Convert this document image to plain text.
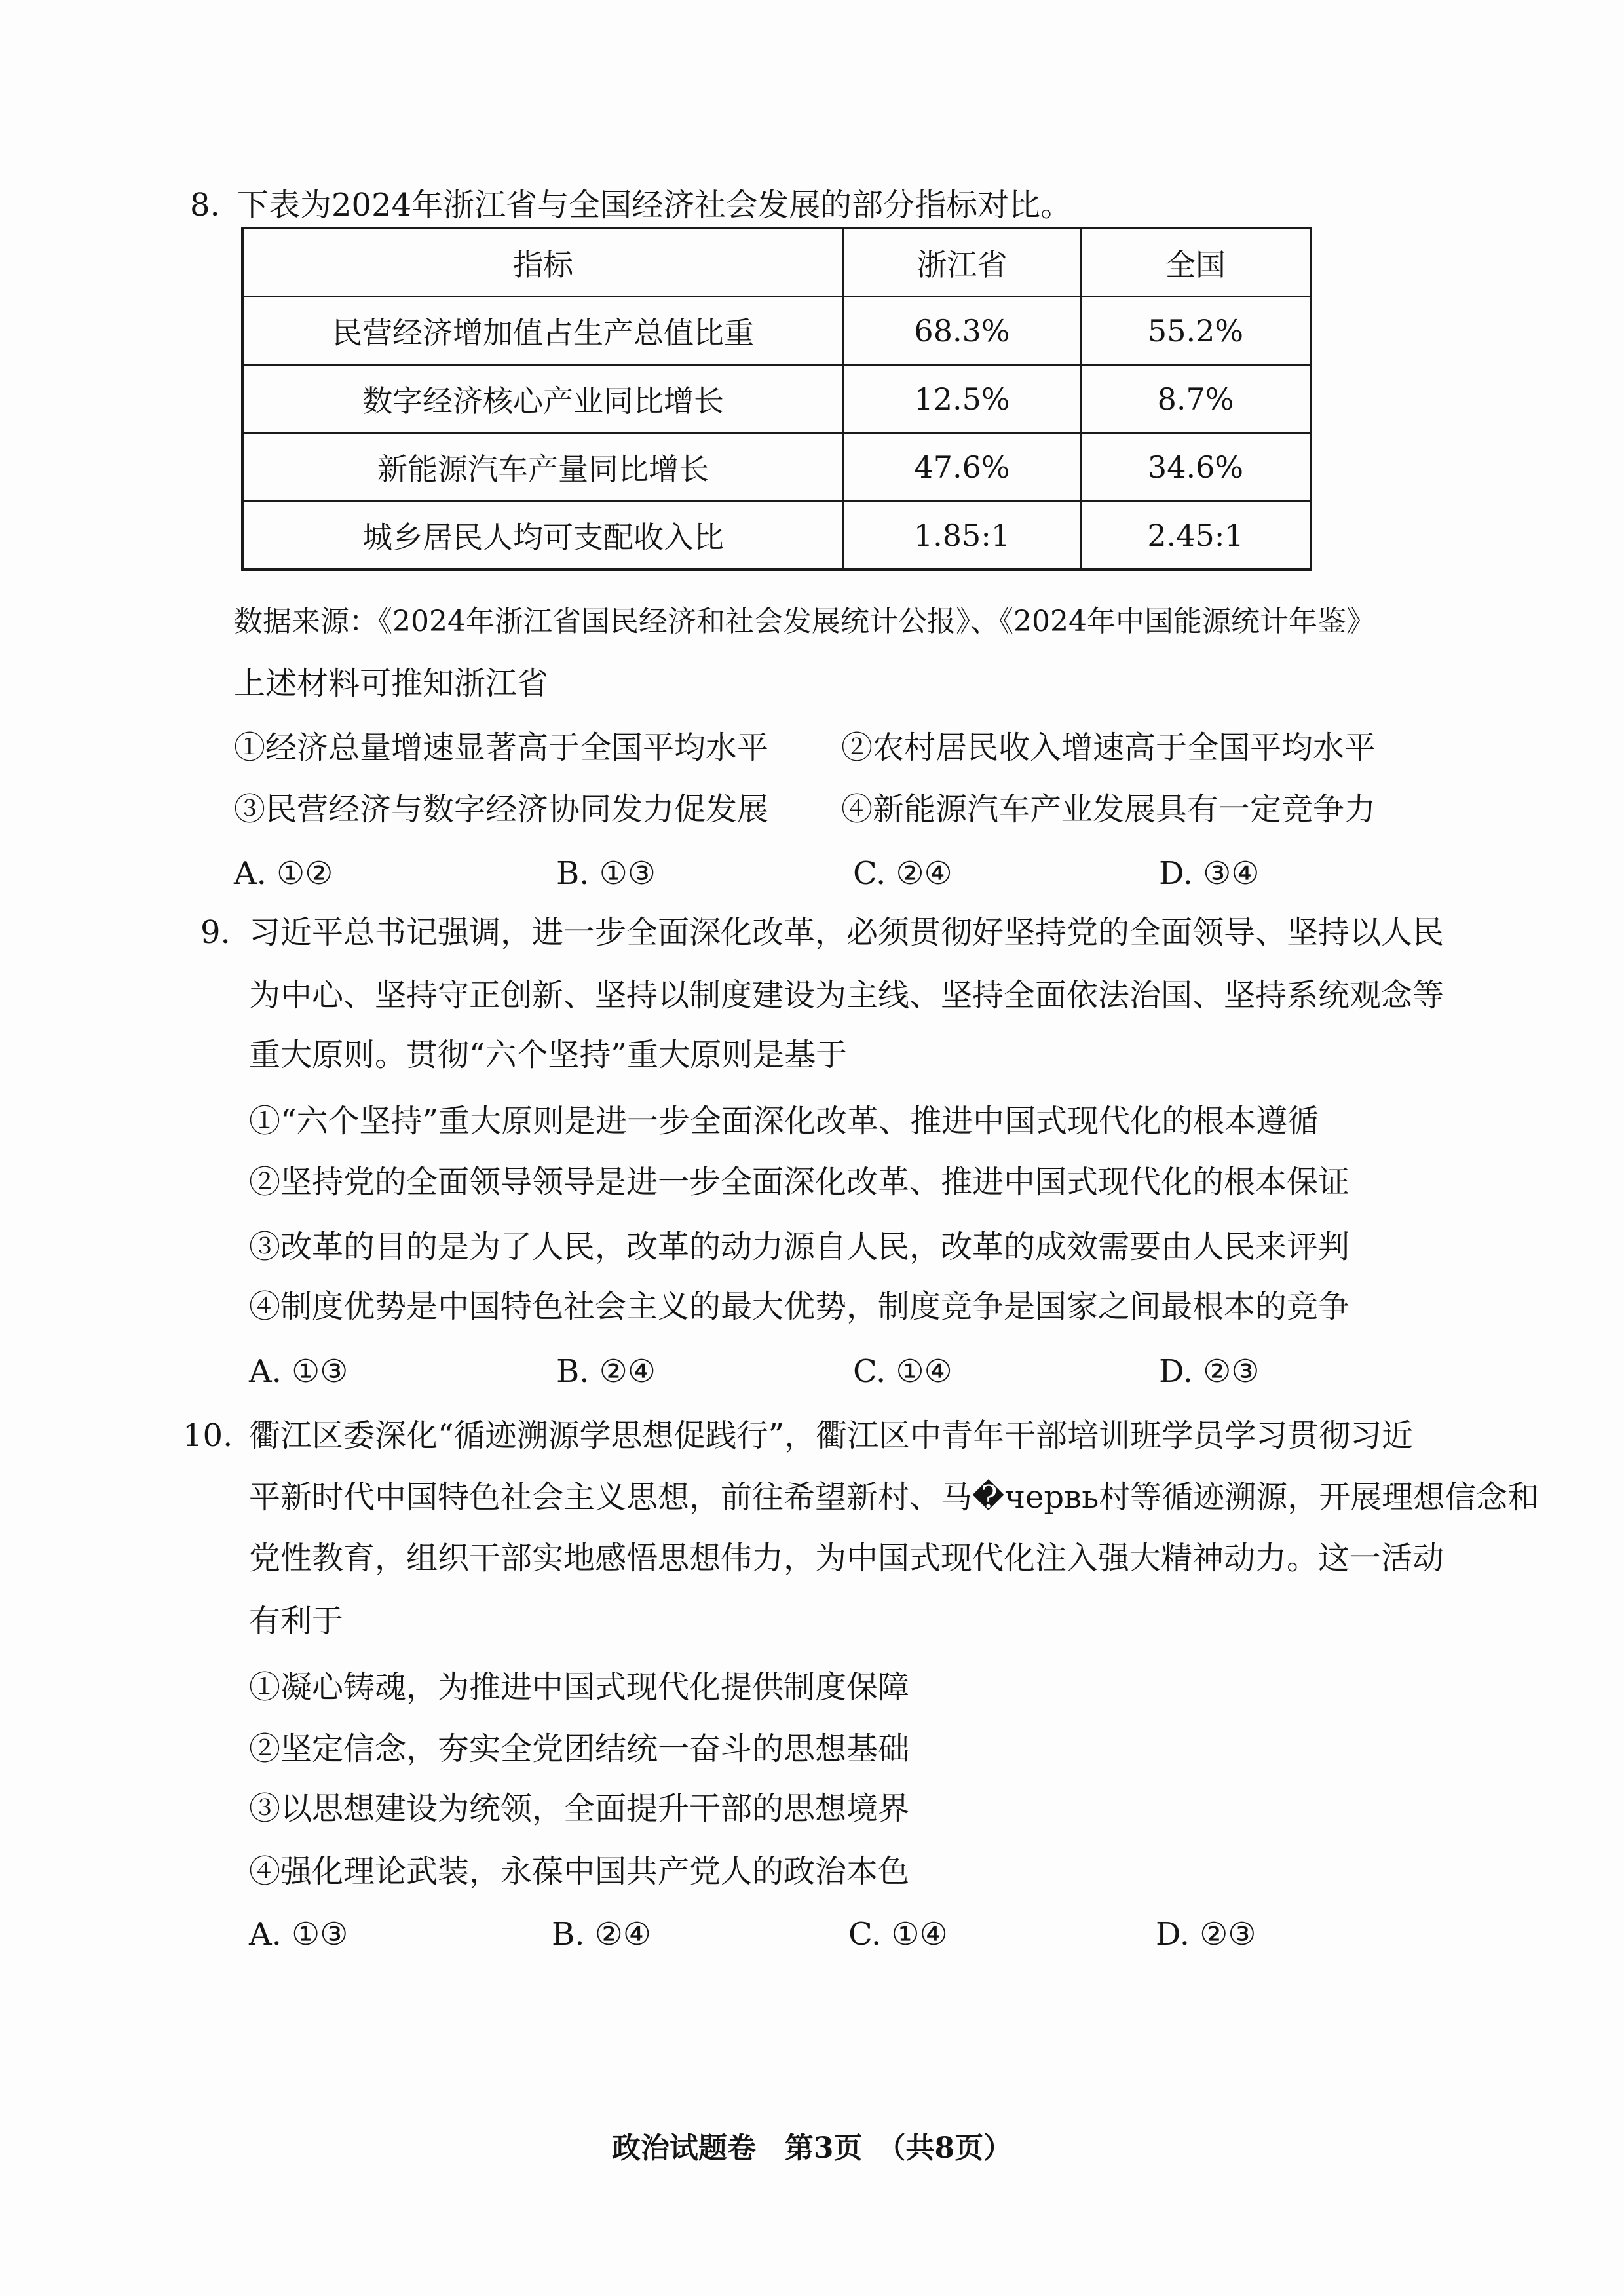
8. 下表为2024年浙江省与全国经济社会发展的部分指标对比。
指标	浙江省	全国
民营经济增加值占生产总值比重	68.3%	55.2%
数字经济核心产业同比增长	12.5%	8.7%
新能源汽车产量同比增长	47.6%	34.6%
城乡居民人均可支配收入比	1.85:1	2.45:1
数据来源：《2024年浙江省国民经济和社会发展统计公报》、《2024年中国能源统计年鉴》
上述材料可推知浙江省
①经济总量增速显著高于全国平均水平 ②农村居民收入增速高于全国平均水平
③民营经济与数字经济协同发力促发展 ④新能源汽车产业发展具有一定竞争力
A. ①②	B. ①③	C. ②④	D. ③④
9. 习近平总书记强调，进一步全面深化改革，必须贯彻好坚持党的全面领导、坚持以人民
为中心、坚持守正创新、坚持以制度建设为主线、坚持全面依法治国、坚持系统观念等
重大原则。贯彻“六个坚持”重大原则是基于
①“六个坚持”重大原则是进一步全面深化改革、推进中国式现代化的根本遵循
②坚持党的全面领导领导是进一步全面深化改革、推进中国式现代化的根本保证
③改革的目的是为了人民，改革的动力源自人民，改革的成效需要由人民来评判
④制度优势是中国特色社会主义的最大优势，制度竞争是国家之间最根本的竞争
A. ①③	B. ②④	C. ①④	D. ②③
10. 衢江区委深化“循迹溯源学思想促践行”，衢江区中青年干部培训班学员学习贯彻习近
平新时代中国特色社会主义思想，前往希望新村、马�червь村等循迹溯源，开展理想信念和
党性教育，组织干部实地感悟思想伟力，为中国式现代化注入强大精神动力。这一活动
有利于
①凝心铸魂，为推进中国式现代化提供制度保障
②坚定信念，夯实全党团结统一奋斗的思想基础
③以思想建设为统领，全面提升干部的思想境界
④强化理论武装，永葆中国共产党人的政治本色
A. ①③	B. ②④	C. ①④	D. ②③
政治试题卷　第3页　（共8页）
